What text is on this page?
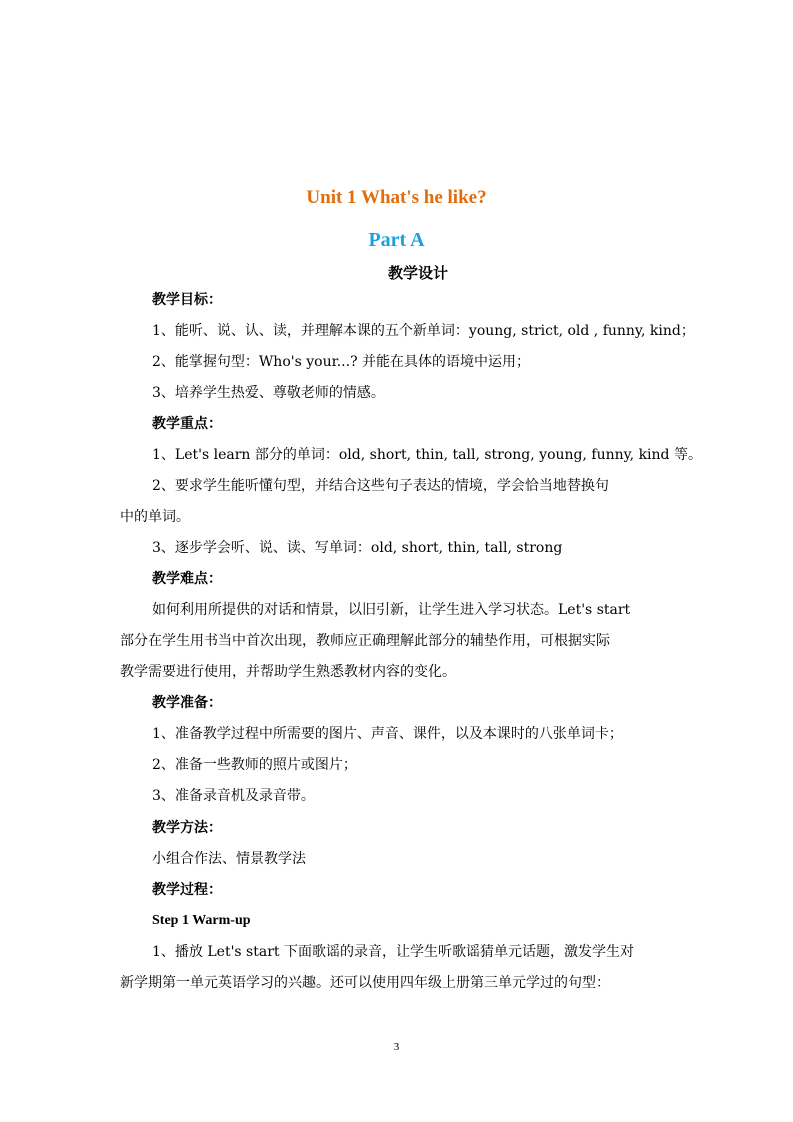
Unit 1 What's he like?
Part A
教学设计
教学目标：
1、能听、说、认、读，并理解本课的五个新单词：young, strict, old , funny, kind；
2、能掌握句型：Who's your...? 并能在具体的语境中运用；
3、培养学生热爱、尊敬老师的情感。
教学重点：
1、Let's learn 部分的单词：old, short, thin, tall, strong, young, funny, kind 等。
2、要求学生能听懂句型，并结合这些句子表达的情境，学会恰当地替换句
中的单词。
3、逐步学会听、说、读、写单词：old, short, thin, tall, strong
教学难点：
如何利用所提供的对话和情景，以旧引新，让学生进入学习状态。Let's start
部分在学生用书当中首次出现，教师应正确理解此部分的辅垫作用，可根据实际
教学需要进行使用，并帮助学生熟悉教材内容的变化。
教学准备：
1、准备教学过程中所需要的图片、声音、课件，以及本课时的八张单词卡；
2、准备一些教师的照片或图片；
3、准备录音机及录音带。
教学方法：
小组合作法、情景教学法
教学过程：
Step 1 Warm-up
1、播放 Let's start 下面歌谣的录音，让学生听歌谣猜单元话题，激发学生对
新学期第一单元英语学习的兴趣。还可以使用四年级上册第三单元学过的句型：
3
